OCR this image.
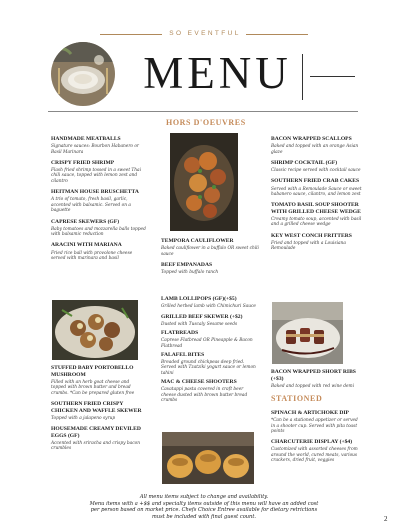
SO EVENTFUL
MENU
HORS D'OEUVRES
HANDMADE MEATBALLS
Signature sauces: Bourbon Habanero or Basil Marinara
CRISPY FRIED SHRIMP
Flash fried shrimp tossed in a sweet Thai chili sauce, topped with lemon zest and cilantro
HEITMAN HOUSE BRUSCHETTA
A trio of tomato, fresh basil, garlic, accented with balsamic. Served on a baguette
CAPRESE SKEWERS (GF)
Baby tomatoes and mozzarella balls topped with balsamic reduction
ARACINI WITH MARIANA
Fried rice ball with provolone cheese served with marinara and basil
TEMPORA CAULIFLOWER
Baked cauliflower in a buffalo OR sweet chili sauce
BEEF EMPANADAS
Topped with buffalo ranch
BACON WRAPPED SCALLOPS
Baked and topped with an orange Asian glaze
SHRIMP COCKTAIL (GF)
Classic recipe served with cocktail sauce
SOUTHERN FRIED CRAB CAKES
Served with a Remoulade Sauce or sweet habanero sauce, cilantro, and lemon zest
TOMATO BASIL SOUP SHOOTER WITH GRILLED CHEESE WEDGE
Creamy tomato soup, accented with basil and a grilled cheese wedge
KEY WEST CONCH FRITTERS
Fried and topped with a Louisiana Remoulade
STUFFED BABY PORTOBELLO MUSHROOM
Filled with an herb goat cheese and topped with brown butter and bread crumbs. *Can be prepared gluten free
SOUTHERN FRIED CRISPY CHICKEN AND WAFFLE SKEWER
Topped with a jalapeno syrup
HOUSEMADE CREAMY DEVILED EGGS (GF)
Accented with sriracha and crispy bacon crumbles
LAMB LOLLIPOPS (GF)(+$5)
Grilled herbed lamb with Chimichuri Sauce
GRILLED BEEF SKEWER (+$2)
Dusted with Tuscaly Sesame seeds
FLATBREADS
Caprese Flatbread OR Pineapple & Bacon Flatbread
FALAFEL BITES
Breaded ground chickpeas deep fried. Served with Tzatziki yogurt sauce or lemon tahini
MAC & CHEESE SHOOTERS
Cavatappi pasta covered in craft beer cheese dusted with brown butter bread crumbs
BACON WRAPPED SHORT RIBS (+$3)
Baked and topped with red wine demi
STATIONED
SPINACH & ARTICHOKE DIP
*Can be a stationed appetizer or served in a shooter cup. Served with pita toast points
CHARCUTERIE DISPLAY (+$4)
Customized with assorted cheeses from around the world, cured meats, various crackers, dried fruit, veggies
All menu items subject to change and availability.
Menu items with a +$$ and specialty items outside of this menu will have an added cost
per person based on market price. Chefs Choice Entree available for dietary retrictions
must be included with final guest count.	2
